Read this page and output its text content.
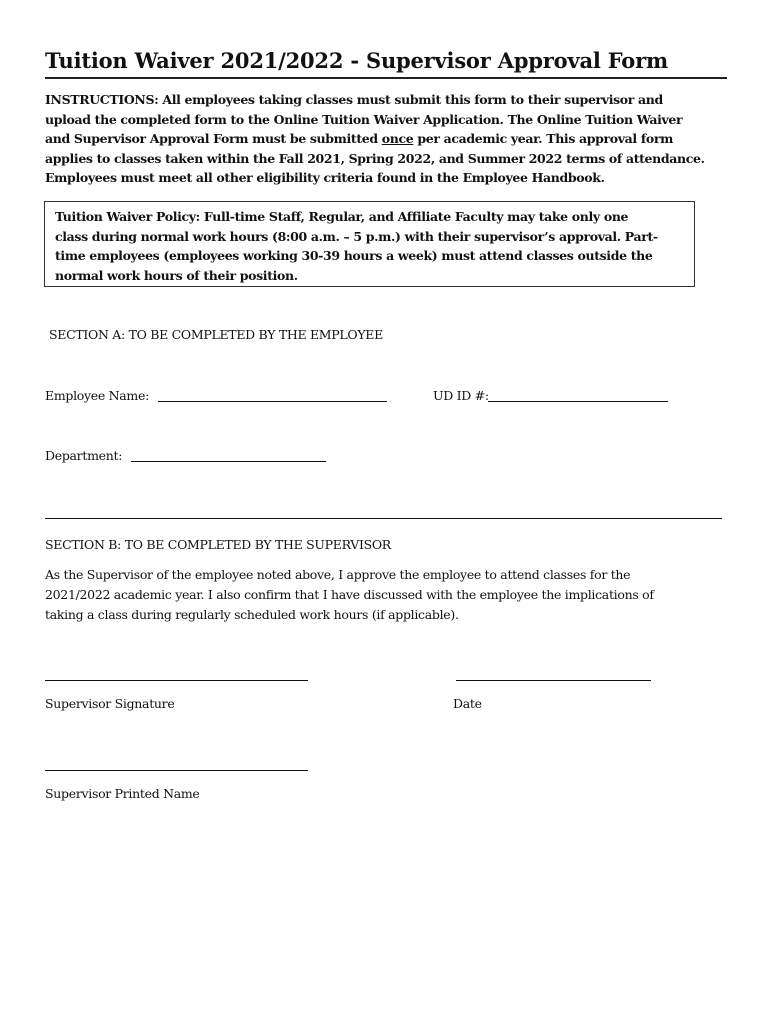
Tuition Waiver 2021/2022 - Supervisor Approval Form
INSTRUCTIONS: All employees taking classes must submit this form to their supervisor and
upload the completed form to the Online Tuition Waiver Application. The Online Tuition Waiver
and Supervisor Approval Form must be submitted once per academic year. This approval form
applies to classes taken within the Fall 2021, Spring 2022, and Summer 2022 terms of attendance.
Employees must meet all other eligibility criteria found in the Employee Handbook.
Tuition Waiver Policy: Full-time Staff, Regular, and Affiliate Faculty may take only one
class during normal work hours (8:00 a.m. – 5 p.m.) with their supervisor’s approval. Part-
time employees (employees working 30-39 hours a week) must attend classes outside the
normal work hours of their position.
SECTION A: TO BE COMPLETED BY THE EMPLOYEE
Employee Name:	UD ID #:
Department:
SECTION B: TO BE COMPLETED BY THE SUPERVISOR
As the Supervisor of the employee noted above, I approve the employee to attend classes for the
2021/2022 academic year. I also confirm that I have discussed with the employee the implications of
taking a class during regularly scheduled work hours (if applicable).
Supervisor Signature	Date
Supervisor Printed Name
